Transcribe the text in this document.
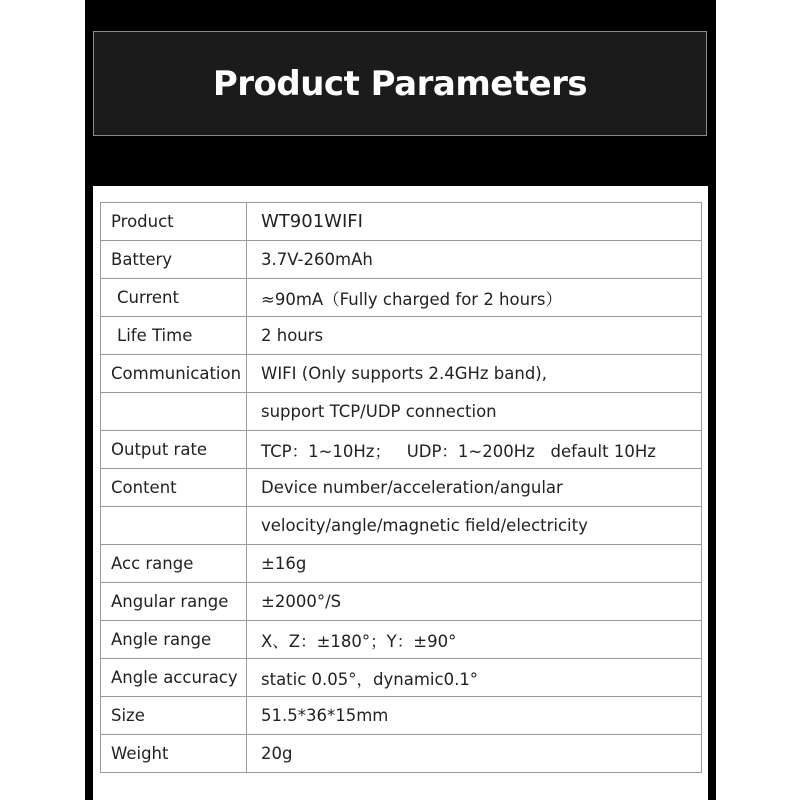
Product Parameters
Product	WT901WIFI
Battery	3.7V-260mAh
Current	≈90mA（Fully charged for 2 hours）
Life Time	2 hours
Communication	WIFI (Only supports 2.4GHz band),
	support TCP/UDP connection
Output rate	TCP：1~10Hz；   UDP：1~200Hz   default 10Hz
Content	Device number/acceleration/angular
	velocity/angle/magnetic field/electricity
Acc range	±16g
Angular range	±2000°/S
Angle range	X、Z：±180°；Y：±90°
Angle accuracy	static 0.05°，dynamic0.1°
Size	51.5*36*15mm
Weight	20g
